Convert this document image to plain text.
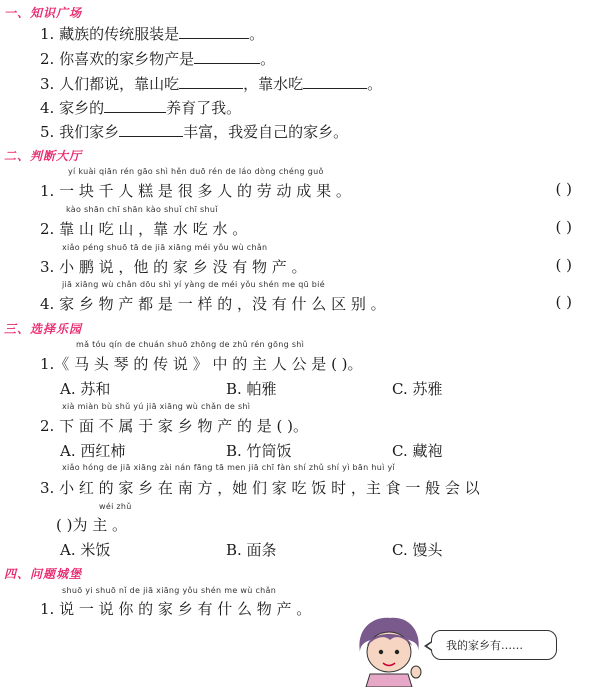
一、知识广场
1. 藏族的传统服装是	。
2. 你喜欢的家乡物产是	。
3. 人们都说，靠山吃	，靠水吃	。
4. 家乡的	养育了我。
5. 我们家乡	丰富，我爱自己的家乡。
二、判断大厅
yí kuài qiān rén gāo shì hěn duō rén de láo dòng chéng guǒ
1. 一 块 千 人 糕 是 很 多 人 的 劳 动 成 果 。	( )
kào shān chī shān kào shuǐ chī shuǐ
2. 靠 山 吃 山 ，靠 水 吃 水 。	( )
xiǎo péng shuō tā de jiā xiāng méi yǒu wù chǎn
3. 小 鹏 说 ，他 的 家 乡 没 有 物 产 。	( )
jiā xiāng wù chǎn dōu shì yí yàng de méi yǒu shén me qū bié
4. 家 乡 物 产 都 是 一 样 的 ，没 有 什 么 区 别 。	( )
三、选择乐园
mǎ tóu qín de chuán shuō zhōng de zhǔ rén gōng shì
1.《 马 头 琴 的 传 说 》 中 的 主 人 公 是 ( )。
A. 苏和	B. 帕雅	C. 苏雅
xià miàn bù shǔ yú jiā xiāng wù chǎn de shì
2. 下 面 不 属 于 家 乡 物 产 的 是 ( )。
A. 西红柿	B. 竹筒饭	C. 藏袍
xiǎo hóng de jiā xiāng zài nán fāng tā men jiā chī fàn shí zhǔ shí yì bān huì yǐ
3. 小 红 的 家 乡 在 南 方 ，她 们 家 吃 饭 时 ，主 食 一 般 会 以
wéi zhǔ
( )为 主 。
A. 米饭	B. 面条	C. 馒头
四、问题城堡
shuō yi shuō nǐ de jiā xiāng yǒu shén me wù chǎn
1. 说 一 说 你 的 家 乡 有 什 么 物 产 。
我的家乡有……
